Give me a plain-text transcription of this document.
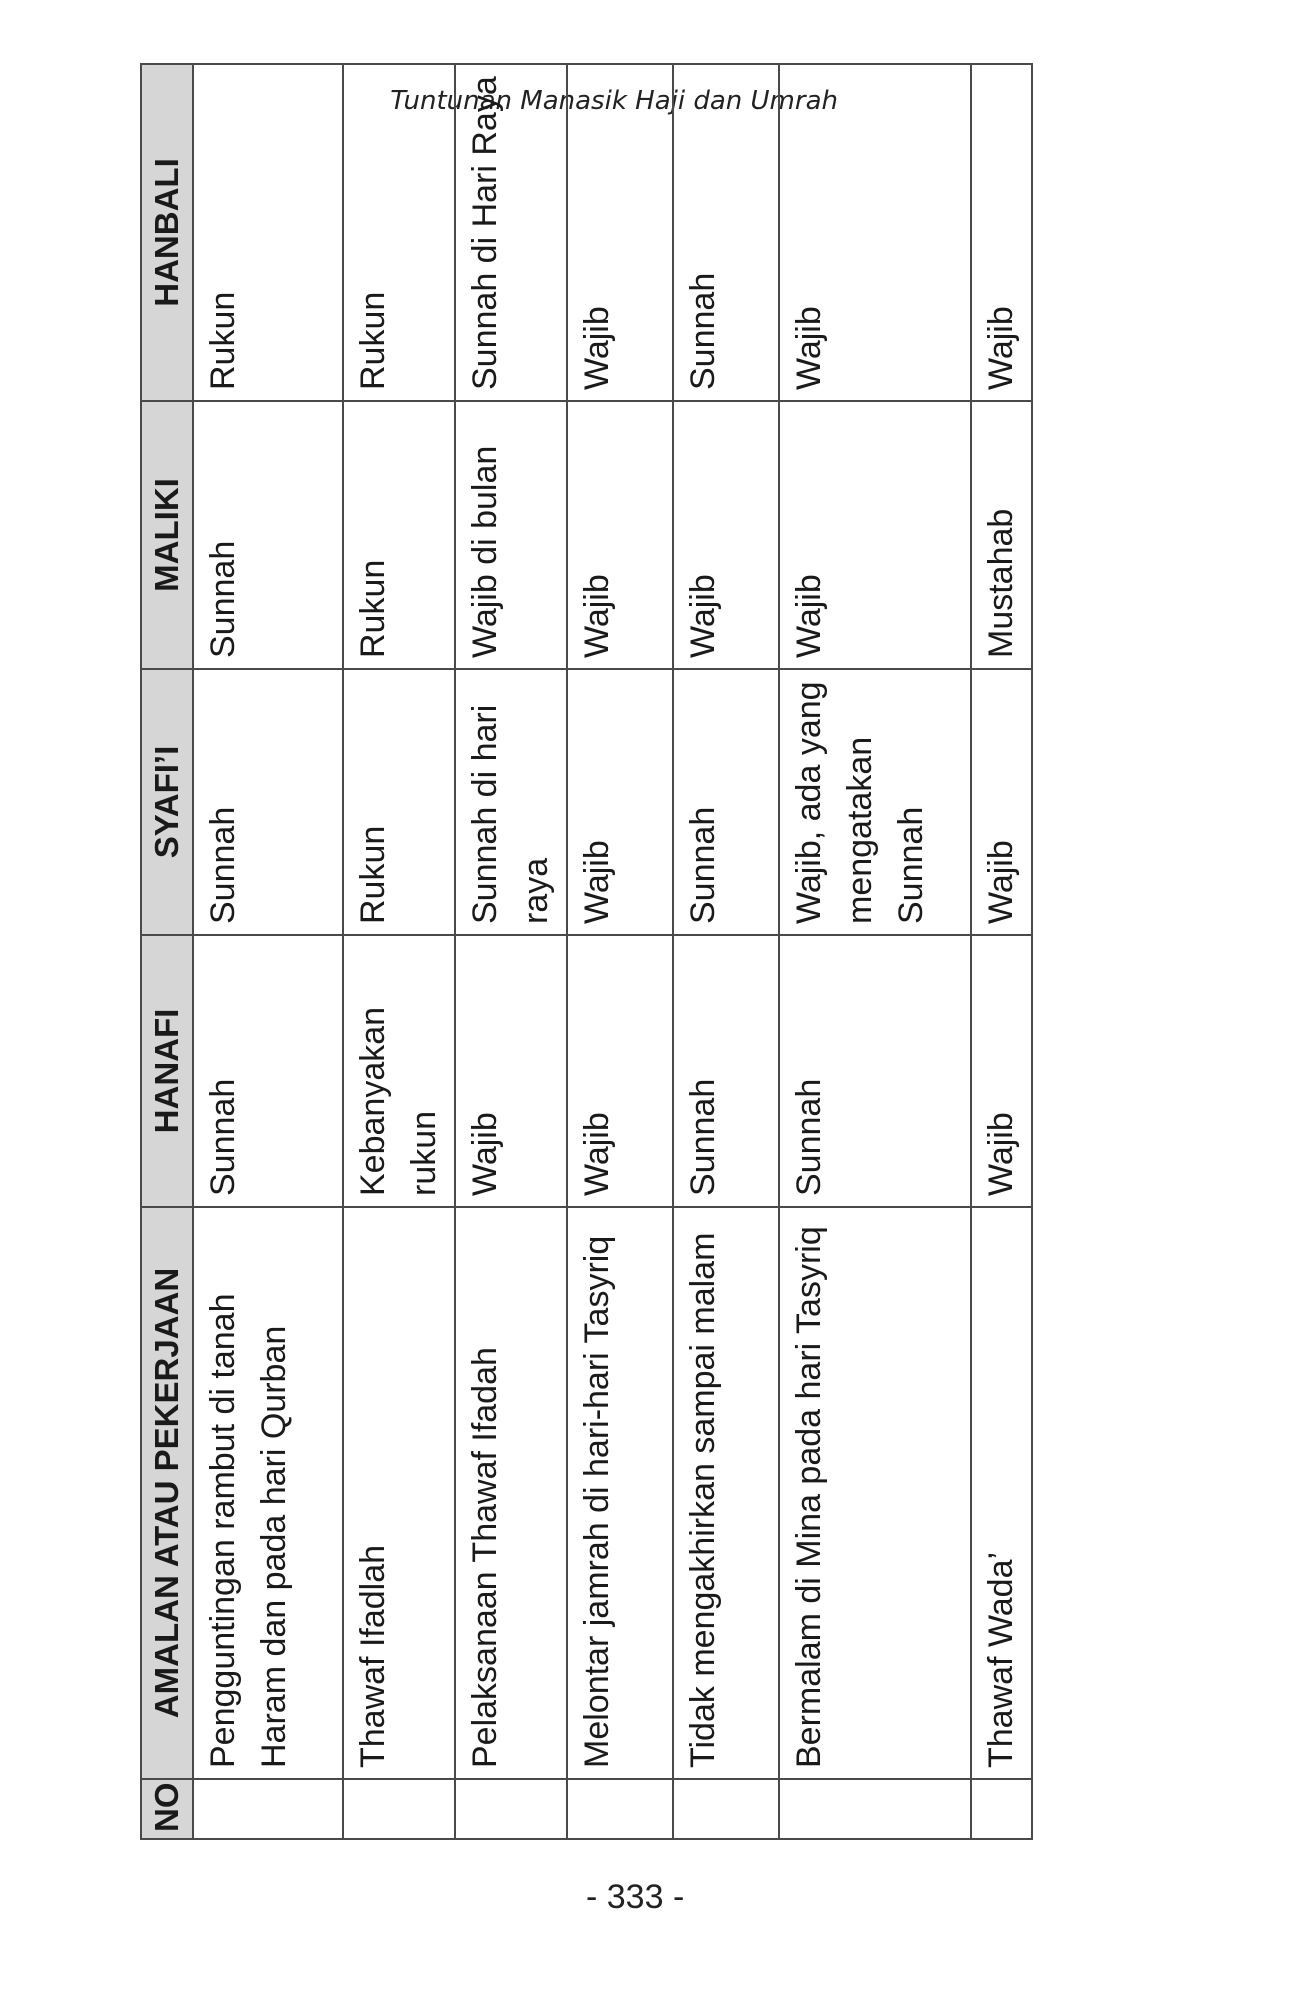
Tuntunan Manasik Haji dan Umrah
NO	AMALAN ATAU PEKERJAAN	HANAFI	SYAFI’I	MALIKI	HANBALI
	Pengguntingan rambut di tanah Haram dan pada hari Qurban	Sunnah	Sunnah	Sunnah	Rukun
	Thawaf Ifadlah	Kebanyakan rukun	Rukun	Rukun	Rukun
	Pelaksanaan Thawaf Ifadah	Wajib	Sunnah di hari raya	Wajib di bulan	Sunnah di Hari Raya
	Melontar jamrah di hari-hari Tasyriq	Wajib	Wajib	Wajib	Wajib
	Tidak mengakhirkan sampai malam	Sunnah	Sunnah	Wajib	Sunnah
	Bermalam di Mina pada hari Tasyriq	Sunnah	Wajib, ada yang mengatakan Sunnah	Wajib	Wajib
	Thawaf Wada’	Wajib	Wajib	Mustahab	Wajib
- 333 -
